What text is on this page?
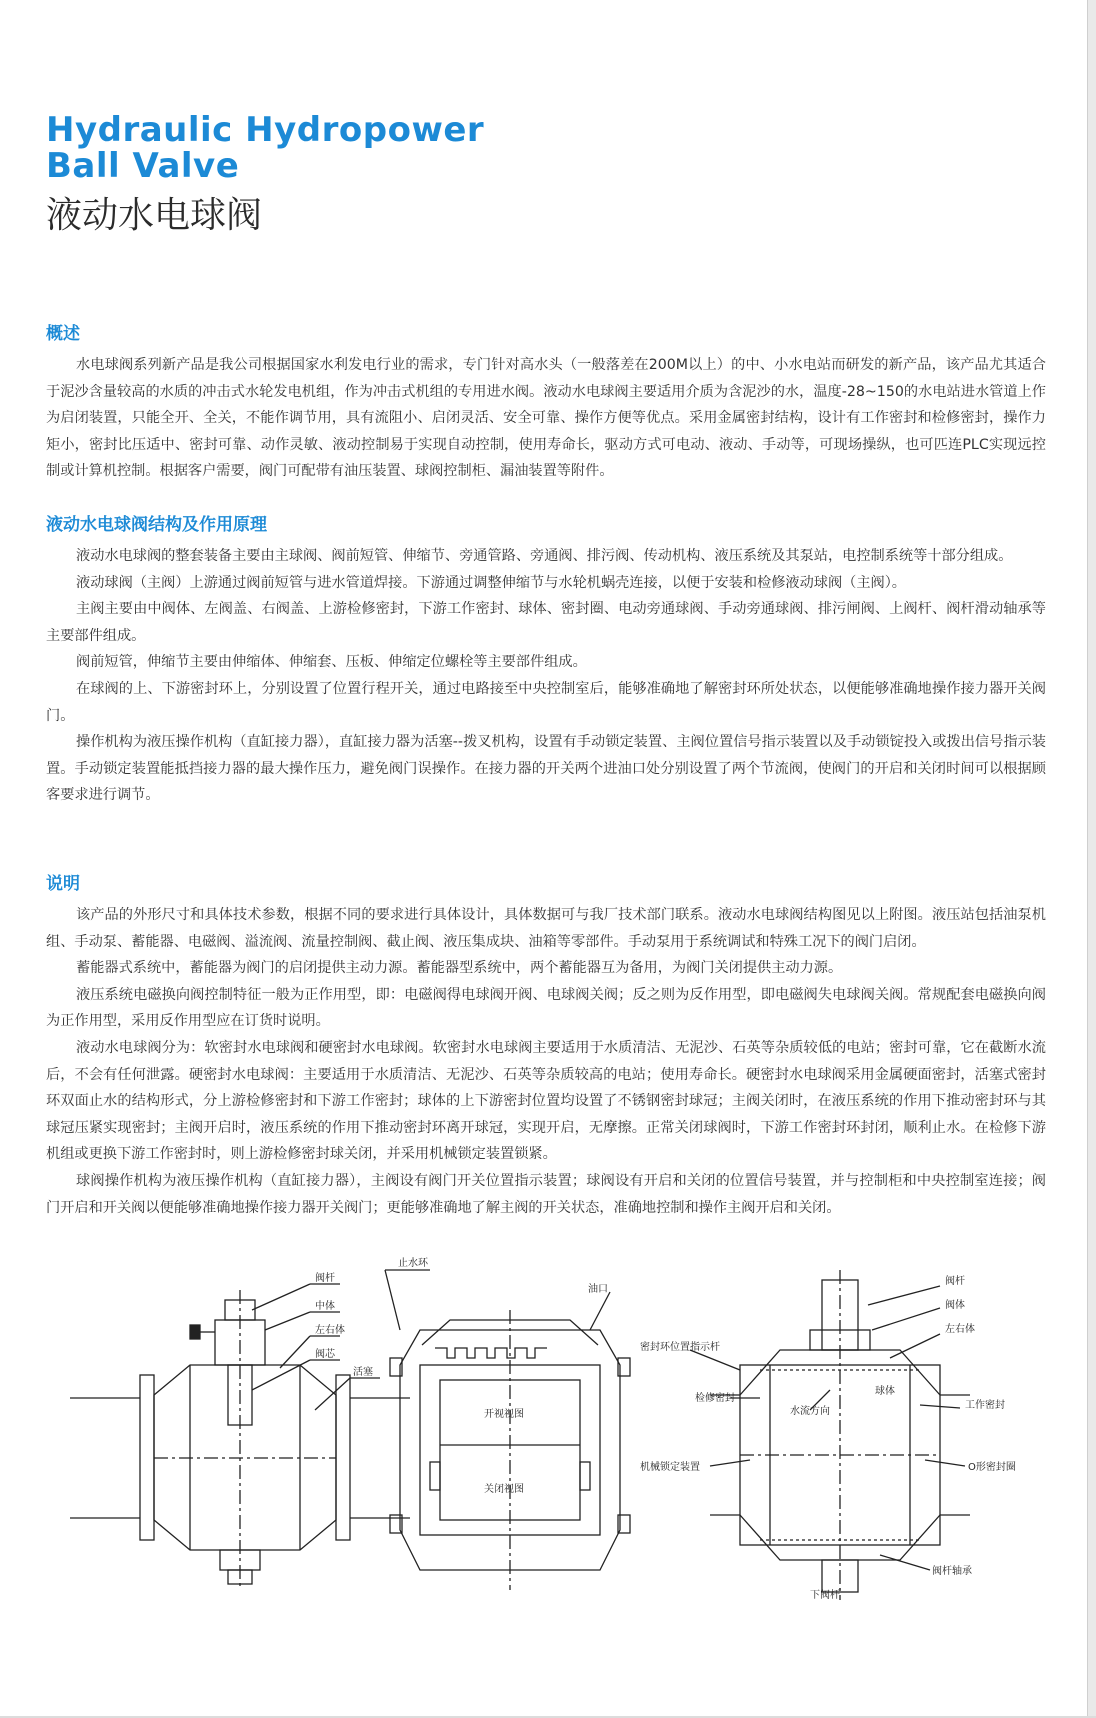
Hydraulic Hydropower
Ball Valve
液动水电球阀
概述

水电球阀系列新产品是我公司根据国家水利发电行业的需求，专门针对高水头（一般落差在200M以上）的中、小水电站而研发的新产品，该产品尤其适合于泥沙含量较高的水质的冲击式水轮发电机组，作为冲击式机组的专用进水阀。液动水电球阀主要适用介质为含泥沙的水，温度-28~150的水电站进水管道上作为启闭装置，只能全开、全关，不能作调节用，具有流阻小、启闭灵活、安全可靠、操作方便等优点。采用金属密封结构，设计有工作密封和检修密封，操作力矩小，密封比压适中、密封可靠、动作灵敏、液动控制易于实现自动控制，使用寿命长，驱动方式可电动、液动、手动等，可现场操纵，也可匹连PLC实现远控制或计算机控制。根据客户需要，阀门可配带有油压装置、球阀控制柜、漏油装置等附件。

液动水电球阀结构及作用原理

液动水电球阀的整套装备主要由主球阀、阀前短管、伸缩节、旁通管路、旁通阀、排污阀、传动机构、液压系统及其泵站，电控制系统等十部分组成。

液动球阀（主阀）上游通过阀前短管与进水管道焊接。下游通过调整伸缩节与水轮机蜗壳连接，以便于安装和检修液动球阀（主阀）。

主阀主要由中阀体、左阀盖、右阀盖、上游检修密封，下游工作密封、球体、密封圈、电动旁通球阀、手动旁通球阀、排污闸阀、上阀杆、阀杆滑动轴承等主要部件组成。

阀前短管，伸缩节主要由伸缩体、伸缩套、压板、伸缩定位螺栓等主要部件组成。

在球阀的上、下游密封环上，分别设置了位置行程开关，通过电路接至中央控制室后，能够准确地了解密封环所处状态，以便能够准确地操作接力器开关阀门。

操作机构为液压操作机构（直缸接力器），直缸接力器为活塞--拨叉机构，设置有手动锁定装置、主阀位置信号指示装置以及手动锁锭投入或拨出信号指示装置。手动锁定装置能抵挡接力器的最大操作压力，避免阀门误操作。在接力器的开关两个进油口处分别设置了两个节流阀，使阀门的开启和关闭时间可以根据顾客要求进行调节。

说明

该产品的外形尺寸和具体技术参数，根据不同的要求进行具体设计，具体数据可与我厂技术部门联系。液动水电球阀结构图见以上附图。液压站包括油泵机组、手动泵、蓄能器、电磁阀、溢流阀、流量控制阀、截止阀、液压集成块、油箱等零部件。手动泵用于系统调试和特殊工况下的阀门启闭。

蓄能器式系统中，蓄能器为阀门的启闭提供主动力源。蓄能器型系统中，两个蓄能器互为备用，为阀门关闭提供主动力源。

液压系统电磁换向阀控制特征一般为正作用型，即：电磁阀得电球阀开阀、电球阀关阀；反之则为反作用型，即电磁阀失电球阀关阀。常规配套电磁换向阀为正作用型，采用反作用型应在订货时说明。

液动水电球阀分为：软密封水电球阀和硬密封水电球阀。软密封水电球阀主要适用于水质清洁、无泥沙、石英等杂质较低的电站；密封可靠，它在截断水流后，不会有任何泄露。硬密封水电球阀：主要适用于水质清洁、无泥沙、石英等杂质较高的电站；使用寿命长。硬密封水电球阀采用金属硬面密封，活塞式密封环双面止水的结构形式，分上游检修密封和下游工作密封；球体的上下游密封位置均设置了不锈钢密封球冠；主阀关闭时，在液压系统的作用下推动密封环与其球冠压紧实现密封；主阀开启时，液压系统的作用下推动密封环离开球冠，实现开启，无摩擦。正常关闭球阀时，下游工作密封环封闭，顺利止水。在检修下游机组或更换下游工作密封时，则上游检修密封球关闭，并采用机械锁定装置锁紧。

球阀操作机构为液压操作机构（直缸接力器），主阀设有阀门开关位置指示装置；球阀设有开启和关闭的位置信号装置，并与控制柜和中央控制室连接；阀门开启和开关阀以便能够准确地操作接力器开关阀门；更能够准确地了解主阀的开关状态，准确地控制和操作主阀开启和关闭。

阀杆
中体
左右体
阀芯
活塞
止水环
油口
开视视图
关闭视图
阀杆
阀体
左右体
密封环位置指示杆
检修密封
水流方向
球体
工作密封
机械锁定装置	O形密封圈
阀杆轴承
下阀杆
